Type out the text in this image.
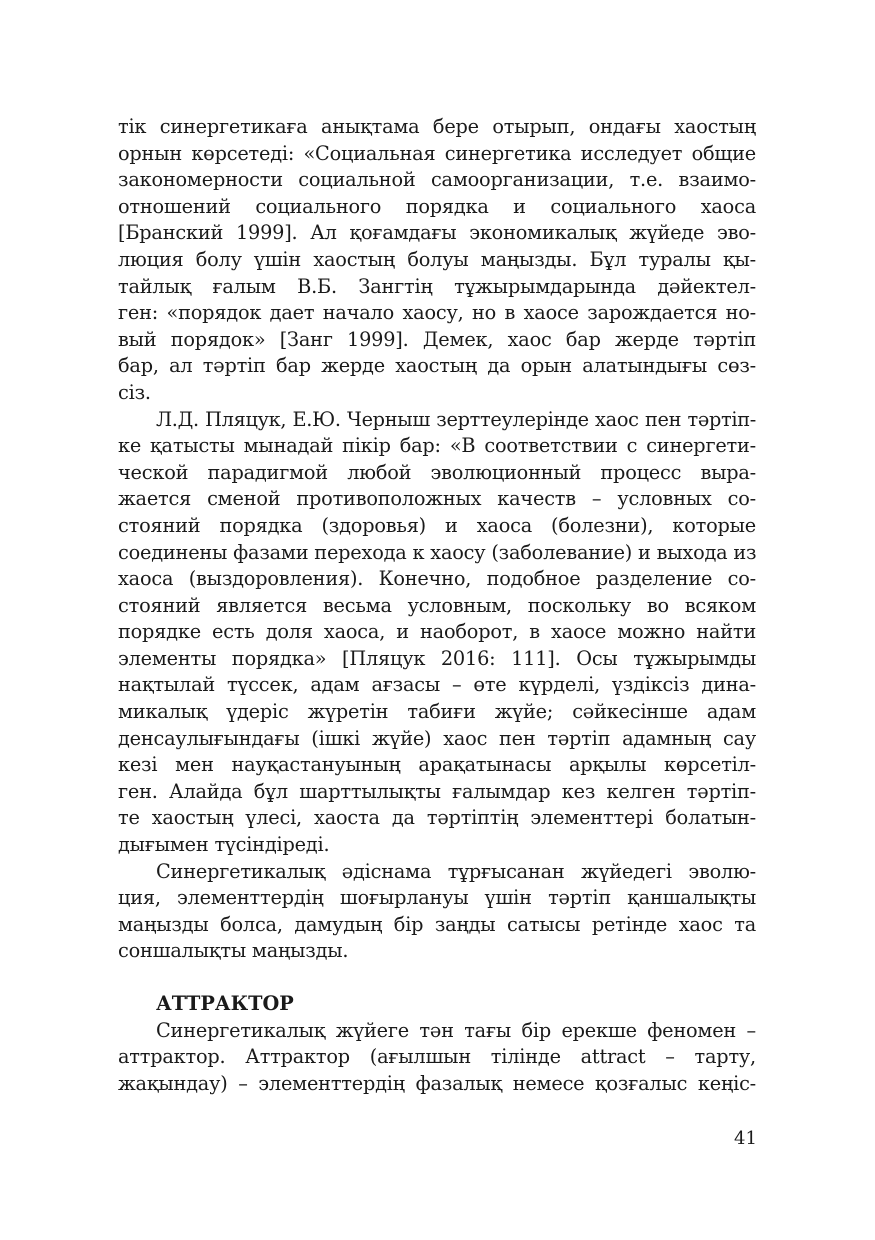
тік синергетикаға анықтама бере отырып, ондағы хаостың
орнын көрсетеді: «Социальная синергетика исследует общие
закономерности социальной самоорганизации, т.е. взаимо-
отношений социального порядка и социального хаоса
[Бранский 1999]. Ал қоғамдағы экономикалық жүйеде эво-
люция болу үшін хаостың болуы маңызды. Бұл туралы қы-
тайлық ғалым В.Б. Зангтің тұжырымдарында дәйектел-
ген: «порядок дает начало хаосу, но в хаосе зарождается но-
вый порядок» [Занг 1999]. Демек, хаос бар жерде тәртіп
бар, ал тәртіп бар жерде хаостың да орын алатындығы сөз-
сіз.

Л.Д. Пляцук, Е.Ю. Черныш зерттеулерінде хаос пен тәртіп-
ке қатысты мынадай пікір бар: «В соответствии с синергети-
ческой парадигмой любой эволюционный процесс выра-
жается сменой противоположных качеств – условных со-
стояний порядка (здоровья) и хаоса (болезни), которые
соединены фазами перехода к хаосу (заболевание) и выхода из
хаоса (выздоровления). Конечно, подобное разделение со-
стояний является весьма условным, поскольку во всяком
порядке есть доля хаоса, и наоборот, в хаосе можно найти
элементы порядка» [Пляцук 2016: 111]. Осы тұжырымды
нақтылай түссек, адам ағзасы – өте күрделі, үздіксіз дина-
микалық үдеріс жүретін табиғи жүйе; сәйкесінше адам
денсаулығындағы (ішкі жүйе) хаос пен тәртіп адамның сау
кезі мен науқастануының арақатынасы арқылы көрсетіл-
ген. Алайда бұл шарттылықты ғалымдар кез келген тәртіп-
те хаостың үлесі, хаоста да тәртіптің элементтері болатын-
дығымен түсіндіреді.

Синергетикалық әдіснама тұрғысанан жүйедегі эволю-
ция, элементтердің шоғырлануы үшін тәртіп қаншалықты
маңызды болса, дамудың бір заңды сатысы ретінде хаос та
соншалықты маңызды.

АТТРАКТОР

Синергетикалық жүйеге тән тағы бір ерекше феномен –
аттрактор. Аттрактор (ағылшын тілінде attract – тарту,
жақындау) – элементтердің фазалық немесе қозғалыс кеңіс-

41
